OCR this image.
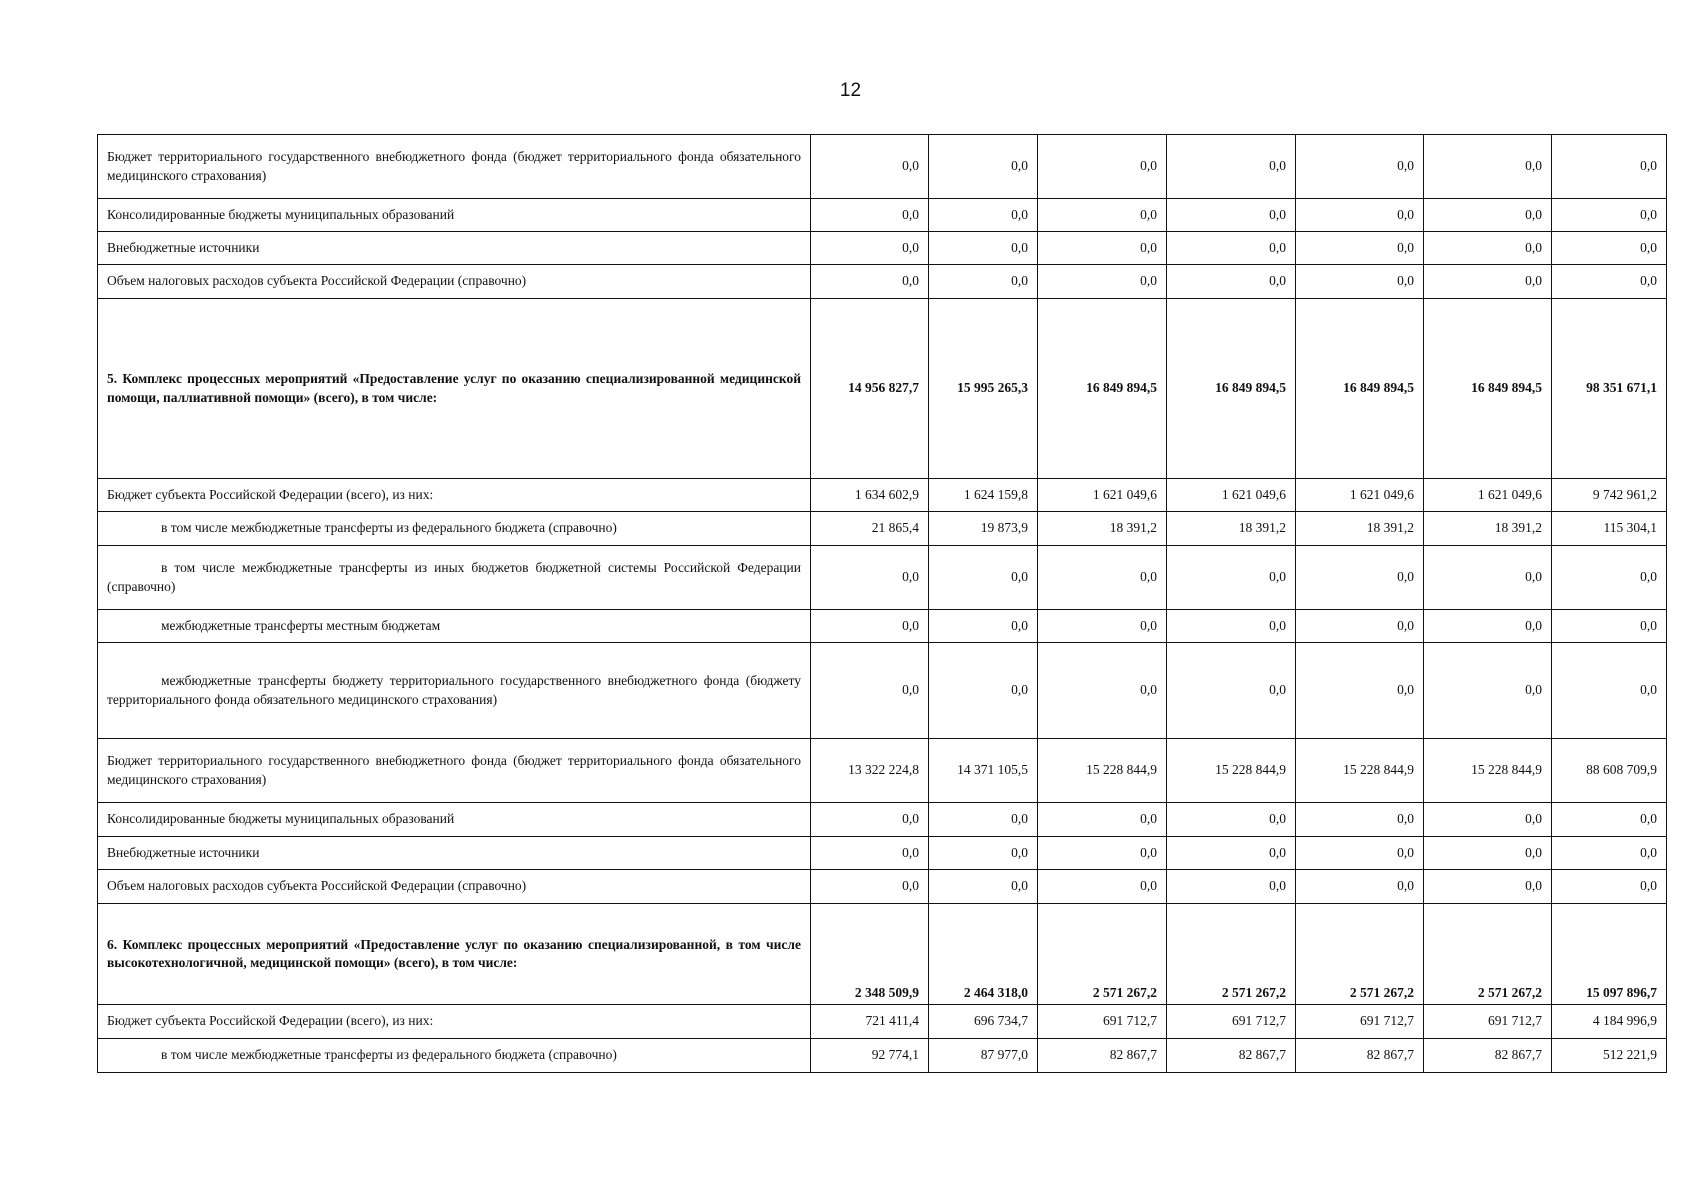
12
Бюджет территориального государственного внебюджетного фонда (бюджет территориального фонда обязательного медицинского страхования)	0,0	0,0	0,0	0,0	0,0	0,0	0,0
Консолидированные бюджеты муниципальных образований	0,0	0,0	0,0	0,0	0,0	0,0	0,0
Внебюджетные источники	0,0	0,0	0,0	0,0	0,0	0,0	0,0
Объем налоговых расходов субъекта Российской Федерации (справочно)	0,0	0,0	0,0	0,0	0,0	0,0	0,0
5. Комплекс процессных мероприятий «Предоставление услуг по оказанию специализированной медицинской помощи, паллиативной помощи» (всего), в том числе:	14 956 827,7	15 995 265,3	16 849 894,5	16 849 894,5	16 849 894,5	16 849 894,5	98 351 671,1
Бюджет субъекта Российской Федерации (всего), из них:	1 634 602,9	1 624 159,8	1 621 049,6	1 621 049,6	1 621 049,6	1 621 049,6	9 742 961,2
в том числе межбюджетные трансферты из федерального бюджета (справочно)	21 865,4	19 873,9	18 391,2	18 391,2	18 391,2	18 391,2	115 304,1
в том числе межбюджетные трансферты из иных бюджетов бюджетной системы Российской Федерации (справочно)	0,0	0,0	0,0	0,0	0,0	0,0	0,0
межбюджетные трансферты местным бюджетам	0,0	0,0	0,0	0,0	0,0	0,0	0,0
межбюджетные трансферты бюджету территориального государственного внебюджетного фонда (бюджету территориального фонда обязательного медицинского страхования)	0,0	0,0	0,0	0,0	0,0	0,0	0,0
Бюджет территориального государственного внебюджетного фонда (бюджет территориального фонда обязательного медицинского страхования)	13 322 224,8	14 371 105,5	15 228 844,9	15 228 844,9	15 228 844,9	15 228 844,9	88 608 709,9
Консолидированные бюджеты муниципальных образований	0,0	0,0	0,0	0,0	0,0	0,0	0,0
Внебюджетные источники	0,0	0,0	0,0	0,0	0,0	0,0	0,0
Объем налоговых расходов субъекта Российской Федерации (справочно)	0,0	0,0	0,0	0,0	0,0	0,0	0,0
6. Комплекс процессных мероприятий «Предоставление услуг по оказанию специализированной, в том числе высокотехнологичной, медицинской помощи» (всего), в том числе:	2 348 509,9	2 464 318,0	2 571 267,2	2 571 267,2	2 571 267,2	2 571 267,2	15 097 896,7
Бюджет субъекта Российской Федерации (всего), из них:	721 411,4	696 734,7	691 712,7	691 712,7	691 712,7	691 712,7	4 184 996,9
в том числе межбюджетные трансферты из федерального бюджета (справочно)	92 774,1	87 977,0	82 867,7	82 867,7	82 867,7	82 867,7	512 221,9
